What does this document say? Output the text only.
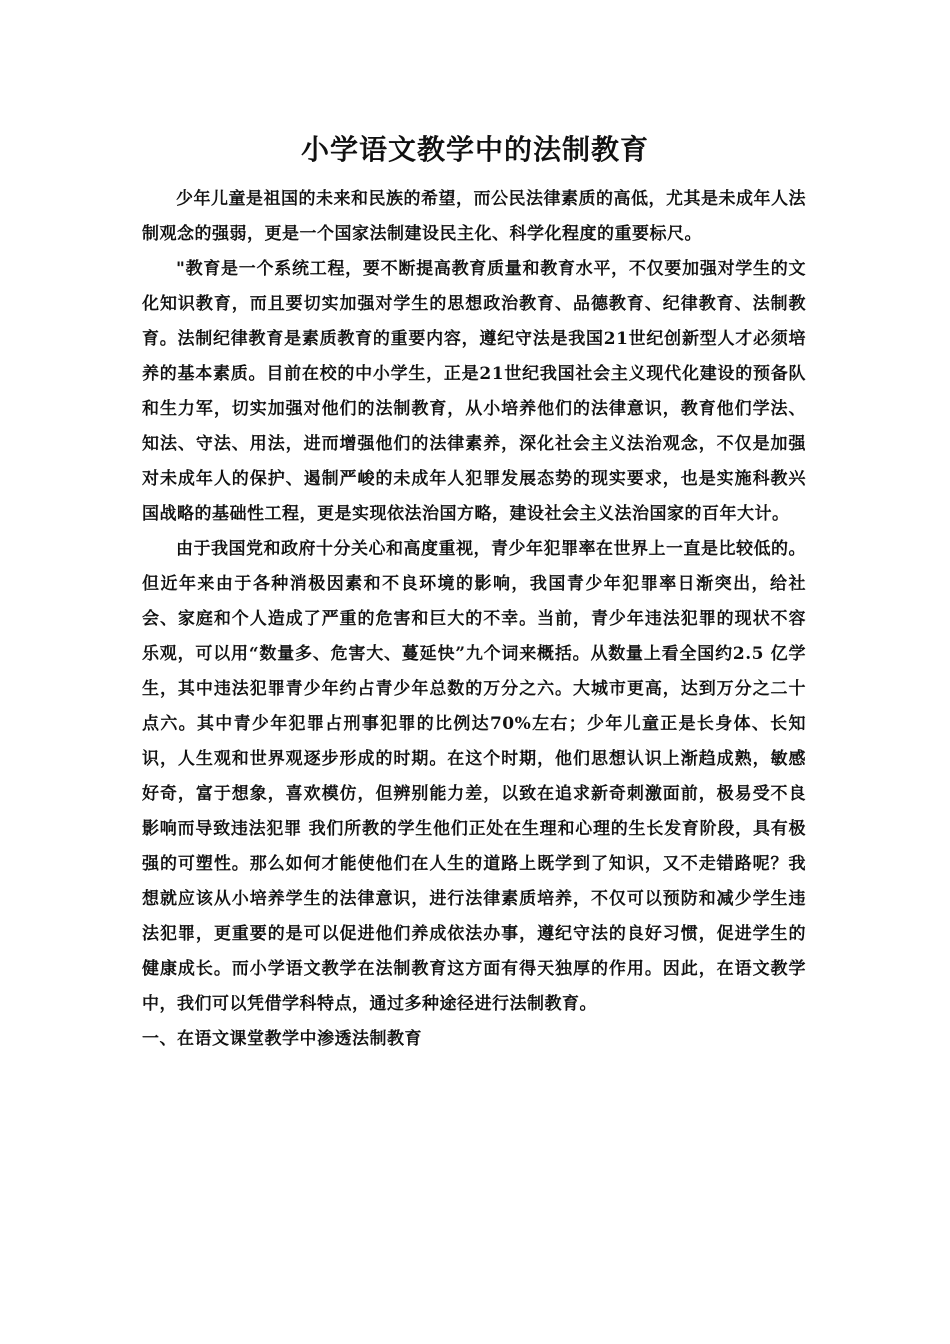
小学语文教学中的法制教育

少年儿童是祖国的未来和民族的希望，而公民法律素质的高低，尤其是未成年人法制观念的强弱，更是一个国家法制建设民主化、科学化程度的重要标尺。

"教育是一个系统工程，要不断提高教育质量和教育水平，不仅要加强对学生的文化知识教育，而且要切实加强对学生的思想政治教育、品德教育、纪律教育、法制教育。法制纪律教育是素质教育的重要内容，遵纪守法是我国21世纪创新型人才必须培养的基本素质。目前在校的中小学生，正是21世纪我国社会主义现代化建设的预备队和生力军，切实加强对他们的法制教育，从小培养他们的法律意识，教育他们学法、知法、守法、用法，进而增强他们的法律素养，深化社会主义法治观念，不仅是加强对未成年人的保护、遏制严峻的未成年人犯罪发展态势的现实要求，也是实施科教兴国战略的基础性工程，更是实现依法治国方略，建设社会主义法治国家的百年大计。

由于我国党和政府十分关心和高度重视，青少年犯罪率在世界上一直是比较低的。但近年来由于各种消极因素和不良环境的影响，我国青少年犯罪率日渐突出，给社会、家庭和个人造成了严重的危害和巨大的不幸。当前，青少年违法犯罪的现状不容乐观，可以用“数量多、危害大、蔓延快”九个词来概括。从数量上看全国约2.5 亿学生，其中违法犯罪青少年约占青少年总数的万分之六。大城市更高，达到万分之二十点六。其中青少年犯罪占刑事犯罪的比例达70%左右；少年儿童正是长身体、长知识，人生观和世界观逐步形成的时期。在这个时期，他们思想认识上渐趋成熟，敏感好奇，富于想象，喜欢模仿，但辨别能力差，以致在追求新奇刺激面前，极易受不良影响而导致违法犯罪 我们所教的学生他们正处在生理和心理的生长发育阶段，具有极强的可塑性。那么如何才能使他们在人生的道路上既学到了知识，又不走错路呢？我想就应该从小培养学生的法律意识，进行法律素质培养，不仅可以预防和减少学生违法犯罪，更重要的是可以促进他们养成依法办事，遵纪守法的良好习惯，促进学生的健康成长。而小学语文教学在法制教育这方面有得天独厚的作用。因此，在语文教学中，我们可以凭借学科特点，通过多种途径进行法制教育。

一、在语文课堂教学中渗透法制教育
